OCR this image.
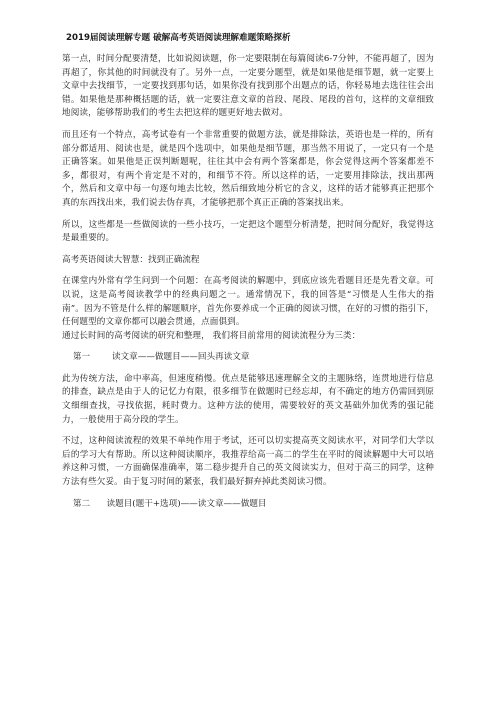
2019届阅读理解专题 破解高考英语阅读理解难题策略探析

第一点，时间分配要清楚，比如说阅读题，你一定要限制在每篇阅读6-7分钟，不能再超了，因为再超了，你其他的时间就没有了。另外一点，一定要分题型，就是如果他是细节题，就一定要上文章中去找细节，一定要找到那句话，如果你没有找到那个出题点的话，你轻易地去选往往会出错。如果他是那种概括题的话，就一定要注意文章的首段、尾段、尾段的首句，这样的文章细致地阅读，能够帮助我们的考生去把这样的题更好地去做对。

而且还有一个特点，高考试卷有一个非常重要的做题方法，就是排除法，英语也是一样的，所有部分都适用、阅读也是，就是四个选项中，如果他是细节题，那当然不用说了，一定只有一个是正确答案。如果他是正误判断题呢，往往其中会有两个答案都是，你会觉得这两个答案都差不多，都很对，有两个肯定是不对的，和细节不符。所以这样的话，一定要用排除法，找出那两个，然后和文章中每一句逐句地去比较，然后细致地分析它的含义，这样的话才能够真正把那个真的东西找出来，我们说去伪存真，才能够把那个真正正确的答案找出来。

所以，这些都是一些做阅读的一些小技巧，一定把这个题型分析清楚，把时间分配好，我觉得这是最重要的。

高考英语阅读大智慧：找到正确流程

在课堂内外常有学生问到一个问题：在高考阅读的解题中，到底应该先看题目还是先看文章。可以说，这是高考阅读教学中的经典问题之一。通常情况下，我的回答是“习惯是人生伟大的指南”。因为不管是什么样的解题顺序，首先你要养成一个正确的阅读习惯，在好的习惯的指引下，任何题型的文章你都可以融会贯通，点面俱到。

通过长时间的高考阅读的研究和整理， 我们将目前常用的阅读流程分为三类：

第一        读文章——做题目——回头再读文章

此为传统方法，命中率高，但速度稍慢。优点是能够迅速理解全文的主题脉络，连贯地进行信息的排查，缺点是由于人的记忆力有限，很多细节在做题时已经忘却，有不确定的地方仍需回到原文细细查找，寻找依据，耗时费力。这种方法的使用，需要较好的英文基础外加优秀的强记能力，一般使用于高分段的学生。

不过，这种阅读流程的效果不单纯作用于考试，还可以切实提高英文阅读水平，对同学们大学以后的学习大有帮助。所以这种阅读顺序，我推荐给高一高二的学生在平时的阅读解题中大可以培养这种习惯，一方面确保准确率，第二稳步提升自己的英文阅读实力，但对于高三的同学，这种方法有些欠妥。由于复习时间的紧张，我们最好摒弃掉此类阅读习惯。

第二      读题目(题干+选项)——读文章——做题目
